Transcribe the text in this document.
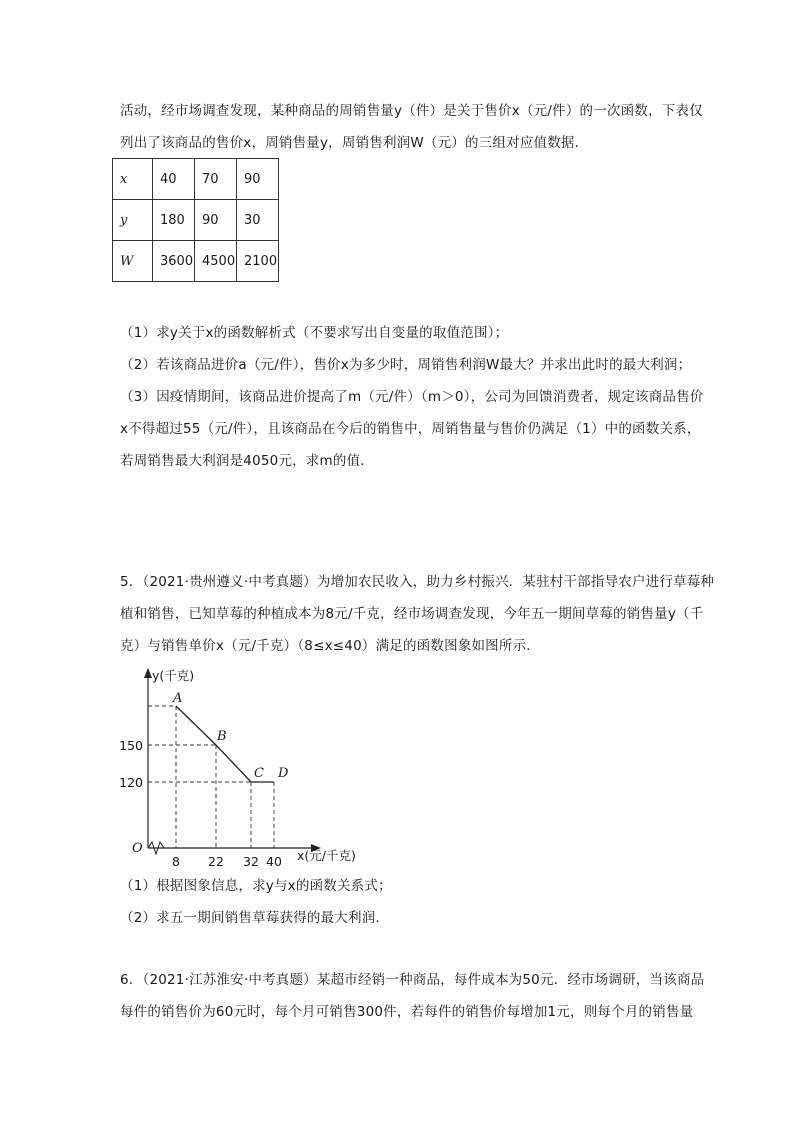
活动，经市场调查发现，某种商品的周销售量y（件）是关于售价x（元/件）的一次函数，下表仅
列出了该商品的售价x，周销售量y，周销售利润W（元）的三组对应值数据．
x	40	70	90
y	180	90	30
W	3600	4500	2100
（1）求y关于x的函数解析式（不要求写出自变量的取值范围）；
（2）若该商品进价a（元/件），售价x为多少时，周销售利润W最大？并求出此时的最大利润；
（3）因疫情期间，该商品进价提高了m（元/件）（m＞0），公司为回馈消费者，规定该商品售价
x不得超过55（元/件），且该商品在今后的销售中，周销售量与售价仍满足（1）中的函数关系，
若周销售最大利润是4050元，求m的值．
5．（2021·贵州遵义·中考真题）为增加农民收入，助力乡村振兴．某驻村干部指导农户进行草莓种
植和销售，已知草莓的种植成本为8元/千克，经市场调查发现，今年五一期间草莓的销售量y（千
克）与销售单价x（元/千克）（8≤x≤40）满足的函数图象如图所示．
y(千克)
x(元/千克)
O
A
B
C D
8 22 32 40
150
120
（1）根据图象信息，求y与x的函数关系式；
（2）求五一期间销售草莓获得的最大利润．
6．（2021·江苏淮安·中考真题）某超市经销一种商品，每件成本为50元．经市场调研，当该商品
每件的销售价为60元时，每个月可销售300件，若每件的销售价每增加1元，则每个月的销售量
